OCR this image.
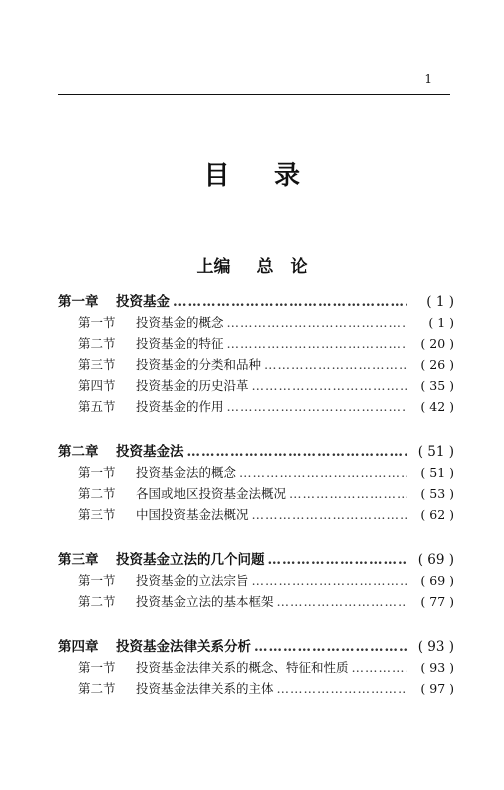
1
目 录
上编 总　论
第一章 投资基金 ……………………………………………………………………………………………………………………………………………………	( 1 )
第一节 投资基金的概念 ……………………………………………………………………………………………………………………………………………………	( 1 )
第二节 投资基金的特征 ……………………………………………………………………………………………………………………………………………………	( 20 )
第三节 投资基金的分类和品种 ……………………………………………………………………………………………………………………………………………………	( 26 )
第四节 投资基金的历史沿革 ……………………………………………………………………………………………………………………………………………………	( 35 )
第五节 投资基金的作用 ……………………………………………………………………………………………………………………………………………………	( 42 )
第二章 投资基金法 ……………………………………………………………………………………………………………………………………………………	( 51 )
第一节 投资基金法的概念 ……………………………………………………………………………………………………………………………………………………	( 51 )
第二节 各国或地区投资基金法概况 ……………………………………………………………………………………………………………………………………………………	( 53 )
第三节 中国投资基金法概况 ……………………………………………………………………………………………………………………………………………………	( 62 )
第三章 投资基金立法的几个问题 ……………………………………………………………………………………………………………………………………………………	( 69 )
第一节 投资基金的立法宗旨 ……………………………………………………………………………………………………………………………………………………	( 69 )
第二节 投资基金立法的基本框架 ……………………………………………………………………………………………………………………………………………………	( 77 )
第四章 投资基金法律关系分析 ……………………………………………………………………………………………………………………………………………………	( 93 )
第一节 投资基金法律关系的概念、特征和性质 ……………………………………………………………………………………………………………………………………………………	( 93 )
第二节 投资基金法律关系的主体 ……………………………………………………………………………………………………………………………………………………	( 97 )
